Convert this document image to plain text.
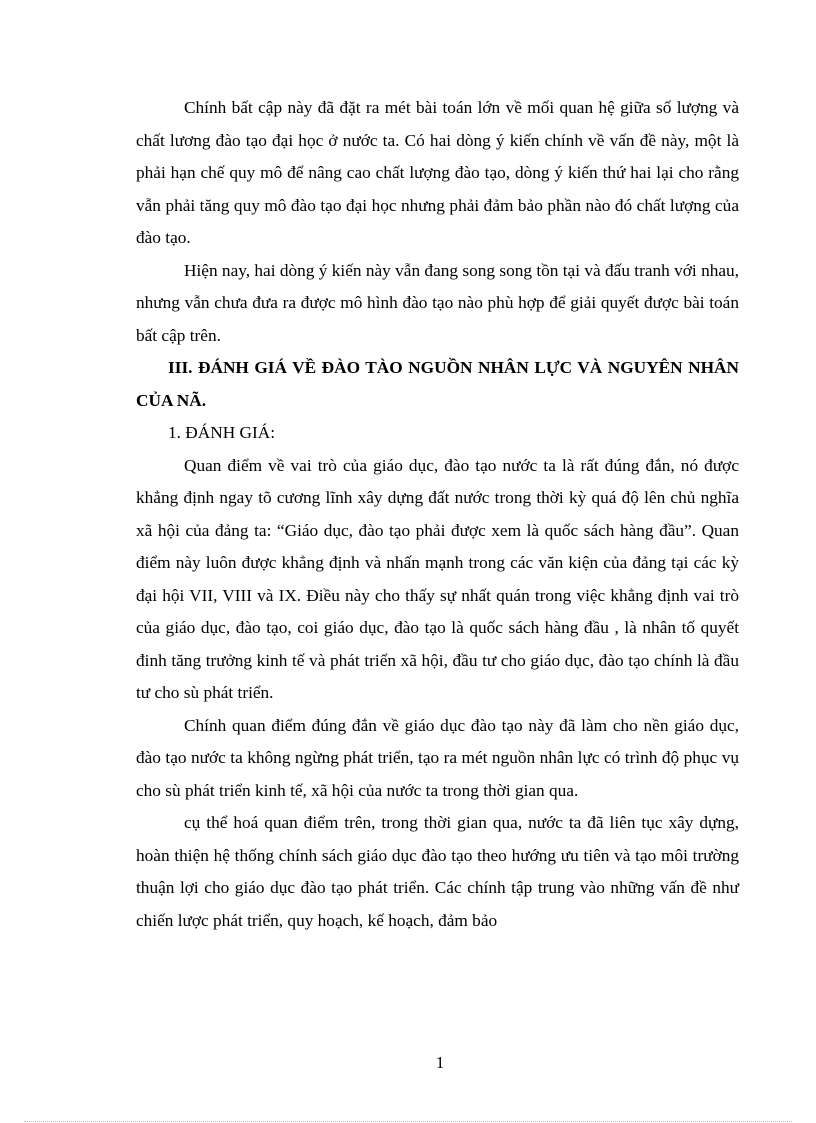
Chính bất cập này đã đặt ra mét bài toán lớn về mối quan hệ giữa số lượng và chất lương đào tạo đại học ở nước ta. Có hai dòng ý kiến chính về vấn đề này, một là phải hạn chế quy mô để nâng cao chất lượng đào tạo, dòng ý kiến thứ hai lại cho rằng vẫn phải tăng quy mô đào tạo đại học nhưng phải đảm bảo phần nào đó chất lượng của đào tạo.

Hiện nay, hai dòng ý kiến này vẫn đang song song tồn tại và đấu tranh với nhau, nhưng vẫn chưa đưa ra được mô hình đào tạo nào phù hợp để giải quyết được bài toán bất cập trên.

III. ĐÁNH GIÁ VỀ ĐÀO TÀO NGUỒN NHÂN LỰC VÀ NGUYÊN NHÂN CỦA NÃ.

1. ĐÁNH GIÁ:

Quan điểm về vai trò của giáo dục, đào tạo nước ta là rất đúng đắn, nó được khẳng định ngay tõ cương lĩnh xây dựng đất nước trong thời kỳ quá độ lên chủ nghĩa xã hội của đảng ta: “Giáo dục, đào tạo phải được xem là quốc sách hàng đầu”. Quan điểm này luôn được khẳng định và nhấn mạnh trong các văn kiện của đảng tại các kỳ đại hội VII, VIII và IX. Điều này cho thấy sự nhất quán trong việc khẳng định vai trò của giáo dục, đào tạo, coi giáo dục, đào tạo là quốc sách hàng đầu , là nhân tố quyết đinh tăng trưởng kinh tế và phát triển xã hội, đầu tư cho giáo dục, đào tạo chính là đầu tư cho sù phát triển.

Chính quan điểm đúng đắn về giáo dục đào tạo này đã làm cho nền giáo dục, đào tạo nước ta không ngừng phát triển, tạo ra mét nguồn nhân lực có trình độ phục vụ cho sù phát triển kinh tế, xã hội của nước ta trong thời gian qua.

cụ thể hoá quan điểm trên, trong thời gian qua, nước ta đã liên tục xây dựng, hoàn thiện hệ thống chính sách giáo dục đào tạo theo hướng ưu tiên và tạo môi trường thuận lợi cho giáo dục đào tạo phát triển. Các chính tập trung vào những vấn đề như chiến lược phát triển, quy hoạch, kế hoạch, đảm bảo

1
